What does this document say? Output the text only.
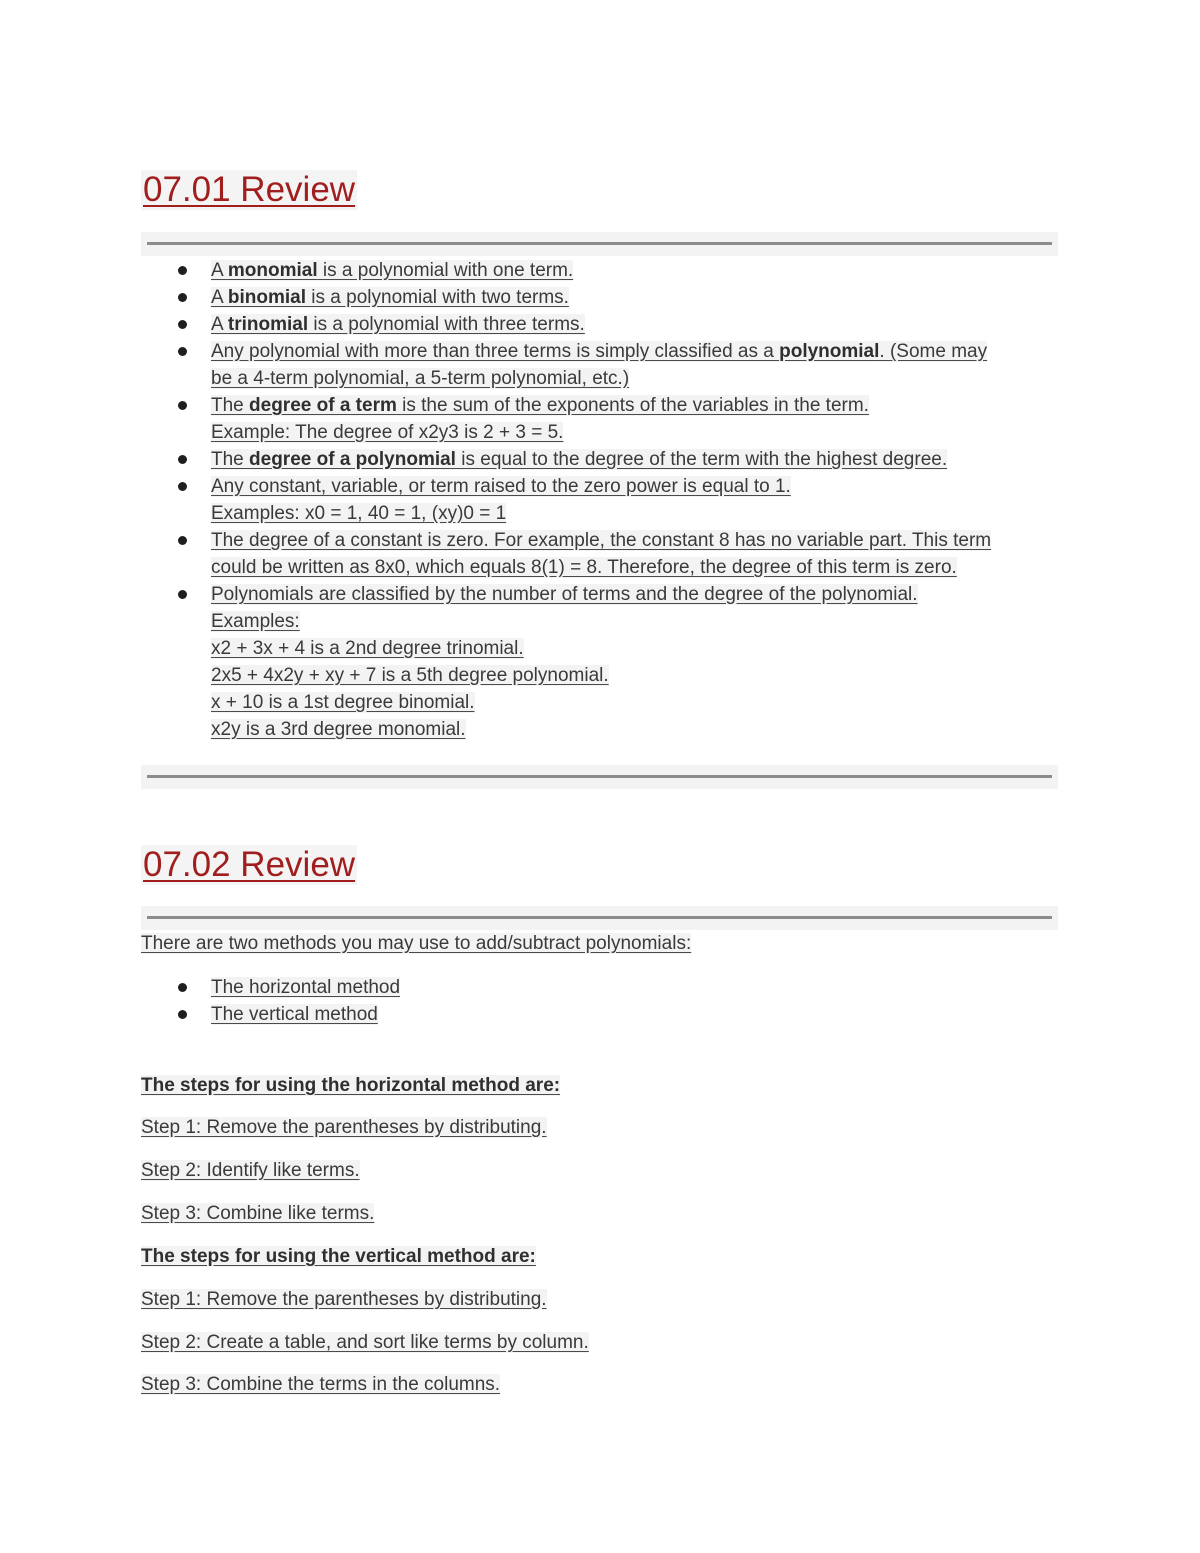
07.01 Review
A monomial is a polynomial with one term.
A binomial is a polynomial with two terms.
A trinomial is a polynomial with three terms.
Any polynomial with more than three terms is simply classified as a polynomial. (Some may
be a 4-term polynomial, a 5-term polynomial, etc.)
The degree of a term is the sum of the exponents of the variables in the term.
Example: The degree of x2y3 is 2 + 3 = 5.
The degree of a polynomial is equal to the degree of the term with the highest degree.
Any constant, variable, or term raised to the zero power is equal to 1.
Examples: x0 = 1, 40 = 1, (xy)0 = 1
The degree of a constant is zero. For example, the constant 8 has no variable part. This term
could be written as 8x0, which equals 8(1) = 8. Therefore, the degree of this term is zero.
Polynomials are classified by the number of terms and the degree of the polynomial.
Examples:
x2 + 3x + 4 is a 2nd degree trinomial.
2x5 + 4x2y + xy + 7 is a 5th degree polynomial.
x + 10 is a 1st degree binomial.
x2y is a 3rd degree monomial.
07.02 Review

There are two methods you may use to add/subtract polynomials:

The horizontal method
The vertical method

The steps for using the horizontal method are:

Step 1: Remove the parentheses by distributing.

Step 2: Identify like terms.

Step 3: Combine like terms.

The steps for using the vertical method are:

Step 1: Remove the parentheses by distributing.

Step 2: Create a table, and sort like terms by column.

Step 3: Combine the terms in the columns.
